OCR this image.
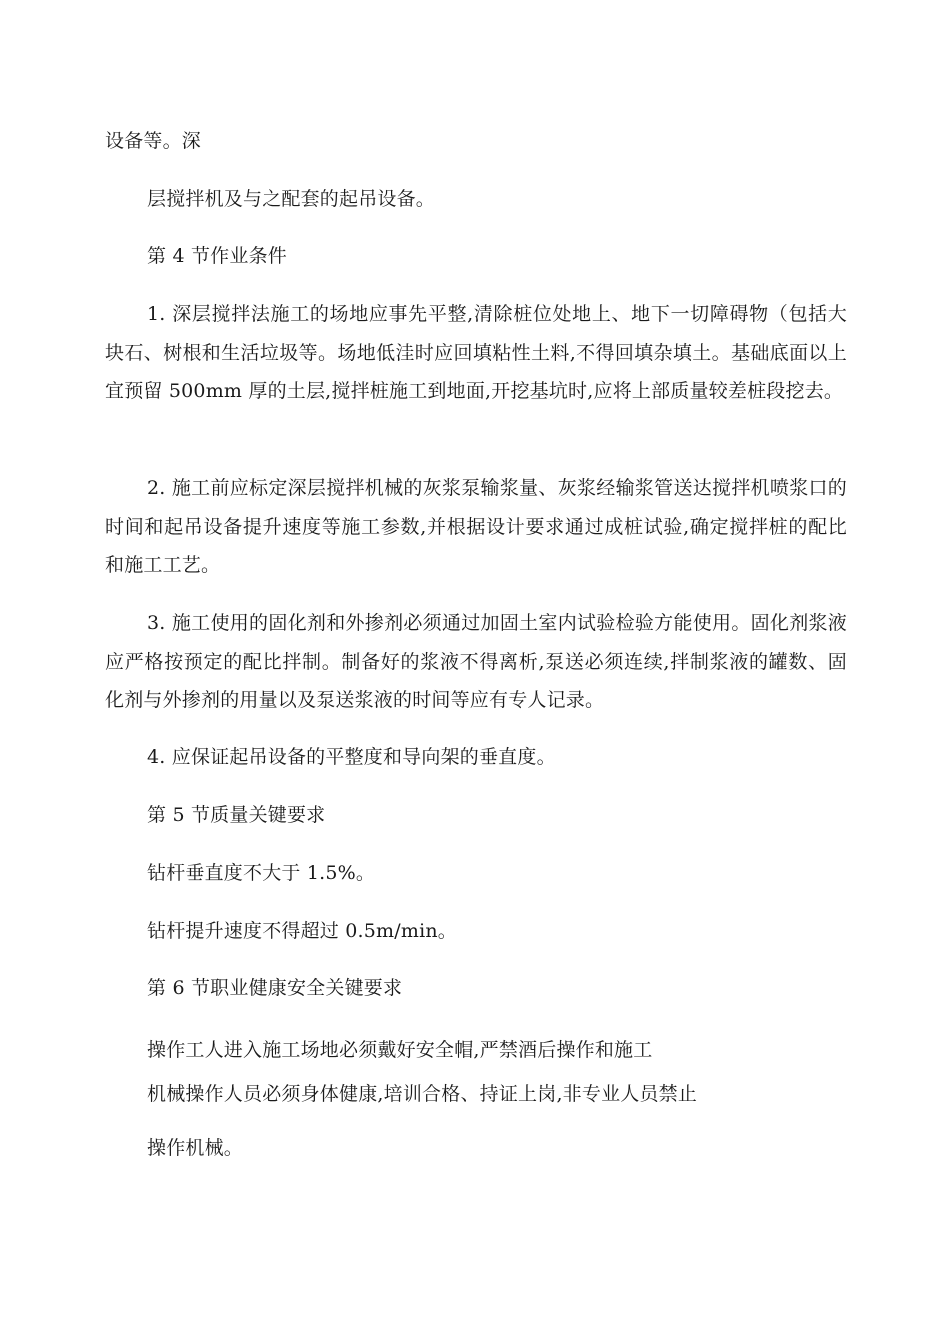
设备等。深
层搅拌机及与之配套的起吊设备。
第 4 节作业条件
1. 深层搅拌法施工的场地应事先平整,清除桩位处地上、地下一切障碍物（包括大块石、树根和生活垃圾等。场地低洼时应回填粘性土料,不得回填杂填土。基础底面以上宜预留 500mm 厚的土层,搅拌桩施工到地面,开挖基坑时,应将上部质量较差桩段挖去。
2. 施工前应标定深层搅拌机械的灰浆泵输浆量、灰浆经输浆管送达搅拌机喷浆口的时间和起吊设备提升速度等施工参数,并根据设计要求通过成桩试验,确定搅拌桩的配比和施工工艺。
3. 施工使用的固化剂和外掺剂必须通过加固土室内试验检验方能使用。固化剂浆液应严格按预定的配比拌制。制备好的浆液不得离析,泵送必须连续,拌制浆液的罐数、固化剂与外掺剂的用量以及泵送浆液的时间等应有专人记录。
4. 应保证起吊设备的平整度和导向架的垂直度。
第 5 节质量关键要求
钻杆垂直度不大于 1.5%。
钻杆提升速度不得超过 0.5m/min。
第 6 节职业健康安全关键要求
操作工人进入施工场地必须戴好安全帽,严禁酒后操作和施工
机械操作人员必须身体健康,培训合格、持证上岗,非专业人员禁止
操作机械。
